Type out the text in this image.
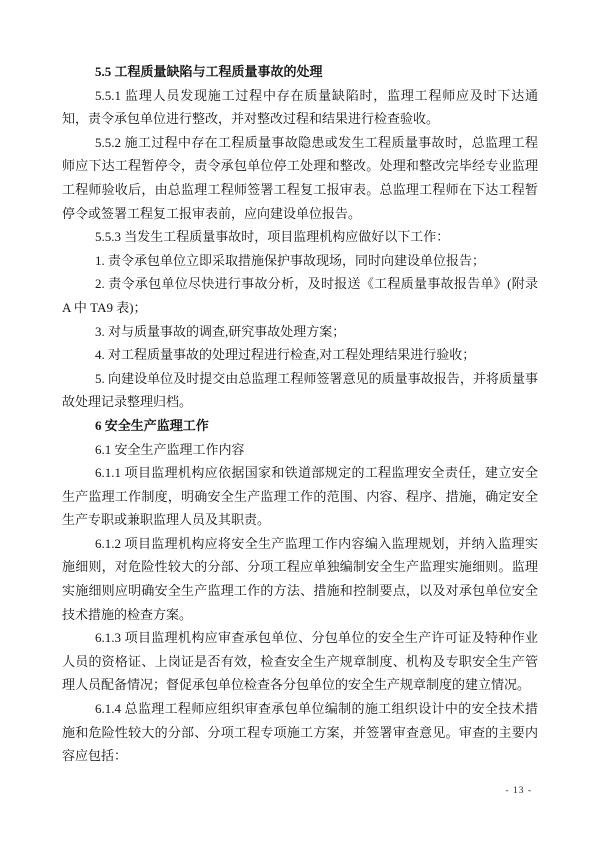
5.5 工程质量缺陷与工程质量事故的处理

5.5.1 监理人员发现施工过程中存在质量缺陷时，监理工程师应及时下达通知，责令承包单位进行整改，并对整改过程和结果进行检查验收。

5.5.2 施工过程中存在工程质量事故隐患或发生工程质量事故时，总监理工程师应下达工程暂停令，责令承包单位停工处理和整改。处理和整改完毕经专业监理工程师验收后，由总监理工程师签署工程复工报审表。总监理工程师在下达工程暂停令或签署工程复工报审表前，应向建设单位报告。

5.5.3 当发生工程质量事故时，项目监理机构应做好以下工作：

1. 责令承包单位立即采取措施保护事故现场，同时向建设单位报告；

2. 责令承包单位尽快进行事故分析，及时报送《工程质量事故报告单》(附录 A 中 TA9 表)；

3. 对与质量事故的调查,研究事故处理方案；

4. 对工程质量事故的处理过程进行检查,对工程处理结果进行验收；

5. 向建设单位及时提交由总监理工程师签署意见的质量事故报告，并将质量事故处理记录整理归档。

6 安全生产监理工作

6.1 安全生产监理工作内容

6.1.1 项目监理机构应依据国家和铁道部规定的工程监理安全责任，建立安全生产监理工作制度，明确安全生产监理工作的范围、内容、程序、措施，确定安全生产专职或兼职监理人员及其职责。

6.1.2 项目监理机构应将安全生产监理工作内容编入监理规划，并纳入监理实施细则，对危险性较大的分部、分项工程应单独编制安全生产监理实施细则。监理实施细则应明确安全生产监理工作的方法、措施和控制要点，以及对承包单位安全技术措施的检查方案。

6.1.3 项目监理机构应审查承包单位、分包单位的安全生产许可证及特种作业人员的资格证、上岗证是否有效，检查安全生产规章制度、机构及专职安全生产管理人员配备情况；督促承包单位检查各分包单位的安全生产规章制度的建立情况。

6.1.4 总监理工程师应组织审查承包单位编制的施工组织设计中的安全技术措施和危险性较大的分部、分项工程专项施工方案，并签署审查意见。审查的主要内容应包括：

- 13 -
